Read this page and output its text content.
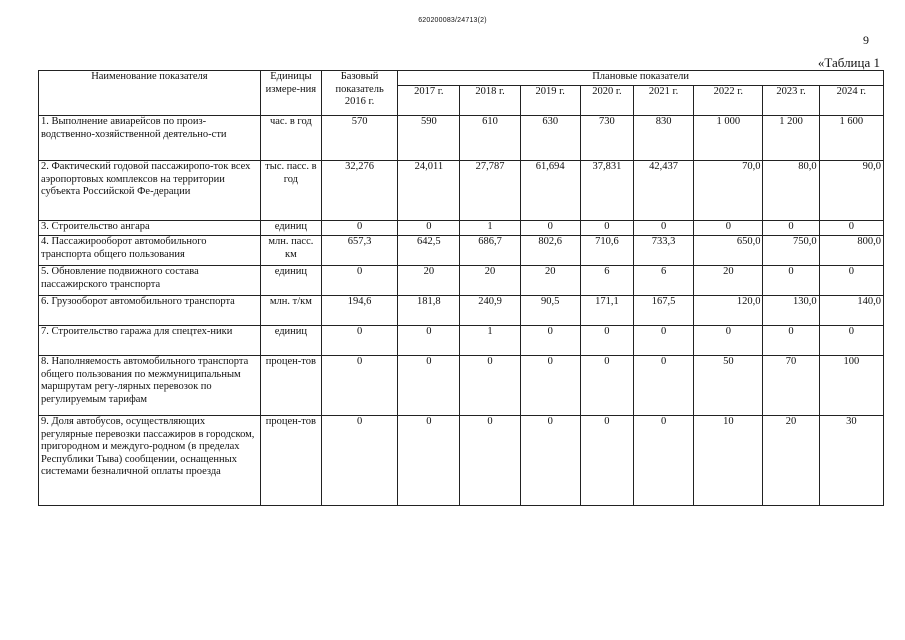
620200083/24713(2)
9
«Таблица 1
Наименование показателя	Единицы измере-ния	Базовый показатель 2016 г.	Плановые показатели							
			2017 г.	2018 г.	2019 г.	2020 г.	2021 г.	2022 г.	2023 г.	2024 г.
1. Выполнение авиарейсов по произ-водственно-хозяйственной деятельно-сти	час. в год	570	590	610	630	730	830	1 000	1 200	1 600
2. Фактический годовой пассажиропо-ток всех аэропортовых комплексов на территории субъекта Российской Фе-дерации	тыс. пасс. в год	32,276	24,011	27,787	61,694	37,831	42,437	70,0	80,0	90,0
3. Строительство ангара	единиц	0	0	1	0	0	0	0	0	0
4. Пассажирооборот автомобильного транспорта общего пользования	млн. пасс. км	657,3	642,5	686,7	802,6	710,6	733,3	650,0	750,0	800,0
5. Обновление подвижного состава пассажирского транспорта	единиц	0	20	20	20	6	6	20	0	0
6. Грузооборот автомобильного транспорта	млн. т/км	194,6	181,8	240,9	90,5	171,1	167,5	120,0	130,0	140,0
7. Строительство гаража для спецтех-ники	единиц	0	0	1	0	0	0	0	0	0
8. Наполняемость автомобильного транспорта общего пользования по межмуниципальным маршрутам регу-лярных перевозок по регулируемым тарифам	процен-тов	0	0	0	0	0	0	50	70	100
9. Доля автобусов, осуществляющих регулярные перевозки пассажиров в городском, пригородном и междуго-родном (в пределах Республики Тыва) сообщении, оснащенных системами безналичной оплаты проезда	процен-тов	0	0	0	0	0	0	10	20	30
